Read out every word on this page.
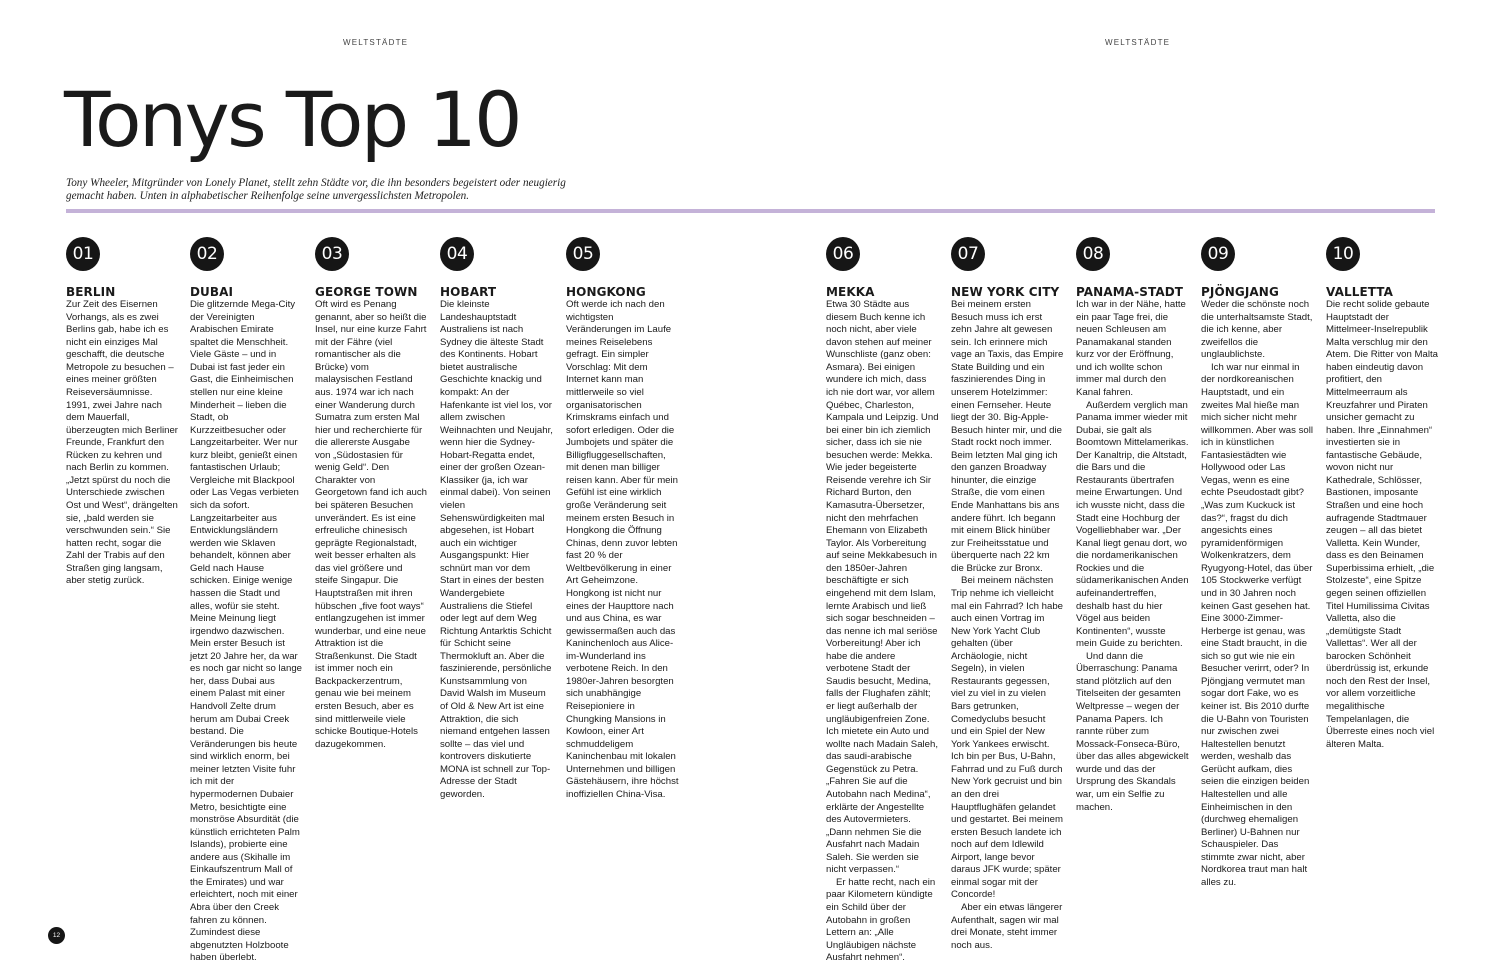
WELTSTÄDTE	WELTSTÄDTE
Tonys Top 10
Tony Wheeler, Mitgründer von Lonely Planet, stellt zehn Städte vor, die ihn besonders begeistert oder neugierig gemacht haben. Unten in alphabetischer Reihenfolge seine unvergesslichsten Metropolen.
01
BERLIN

Zur Zeit des Eisernen Vorhangs, als es zwei Berlins gab, habe ich es nicht ein einziges Mal geschafft, die deutsche Metropole zu besuchen – eines meiner größten Reiseversäumnisse. 1991, zwei Jahre nach dem Mauerfall, überzeugten mich Berliner Freunde, Frankfurt den Rücken zu kehren und nach Berlin zu kommen. „Jetzt spürst du noch die Unterschiede zwischen Ost und West“, drängelten sie, „bald werden sie verschwunden sein.“ Sie hatten recht, sogar die Zahl der Trabis auf den Straßen ging langsam, aber stetig zurück.

02
DUBAI

Die glitzernde Mega-City der Vereinigten Arabischen Emirate spaltet die Menschheit. Viele Gäste – und in Dubai ist fast jeder ein Gast, die Einheimischen stellen nur eine kleine Minderheit – lieben die Stadt, ob Kurzzeitbesucher oder Langzeitarbeiter. Wer nur kurz bleibt, genießt einen fantastischen Urlaub; Vergleiche mit Blackpool oder Las Vegas verbieten sich da sofort. Langzeitarbeiter aus Entwicklungsländern werden wie Sklaven behandelt, können aber Geld nach Hause schicken. Einige wenige hassen die Stadt und alles, wofür sie steht. Meine Meinung liegt irgendwo dazwischen. Mein erster Besuch ist jetzt 20 Jahre her, da war es noch gar nicht so lange her, dass Dubai aus einem Palast mit einer Handvoll Zelte drum herum am Dubai Creek bestand. Die Veränderungen bis heute sind wirklich enorm, bei meiner letzten Visite fuhr ich mit der hypermodernen Dubaier Metro, besichtigte eine monströse Absurdität (die künstlich errichteten Palm Islands), probierte eine andere aus (Skihalle im Einkaufszentrum Mall of the Emirates) und war erleichtert, noch mit einer Abra über den Creek fahren zu können. Zumindest diese abgenutzten Holzboote haben überlebt.

03
GEORGE TOWN

Oft wird es Penang genannt, aber so heißt die Insel, nur eine kurze Fahrt mit der Fähre (viel romantischer als die Brücke) vom malaysischen Festland aus. 1974 war ich nach einer Wanderung durch Sumatra zum ersten Mal hier und recherchierte für die allererste Ausgabe von „Südostasien für wenig Geld“. Den Charakter von Georgetown fand ich auch bei späteren Besuchen unverändert. Es ist eine erfreuliche chinesisch geprägte Regionalstadt, weit besser erhalten als das viel größere und steife Singapur. Die Hauptstraßen mit ihren hübschen „five foot ways“ entlangzugehen ist immer wunderbar, und eine neue Attraktion ist die Straßenkunst. Die Stadt ist immer noch ein Backpackerzentrum, genau wie bei meinem ersten Besuch, aber es sind mittlerweile viele schicke Boutique-Hotels dazugekommen.

04
HOBART

Die kleinste Landeshauptstadt Australiens ist nach Sydney die älteste Stadt des Kontinents. Hobart bietet australische Geschichte knackig und kompakt: An der Hafenkante ist viel los, vor allem zwischen Weihnachten und Neujahr, wenn hier die Sydney-Hobart-Regatta endet, einer der großen Ozean-Klassiker (ja, ich war einmal dabei). Von seinen vielen Sehenswürdigkeiten mal abgesehen, ist Hobart auch ein wichtiger Ausgangspunkt: Hier schnürt man vor dem Start in eines der besten Wandergebiete Australiens die Stiefel oder legt auf dem Weg Richtung Antarktis Schicht für Schicht seine Thermokluft an. Aber die faszinierende, persönliche Kunstsammlung von David Walsh im Museum of Old & New Art ist eine Attraktion, die sich niemand entgehen lassen sollte – das viel und kontrovers diskutierte MONA ist schnell zur Top-Adresse der Stadt geworden.

05
HONGKONG

Oft werde ich nach den wichtigsten Veränderungen im Laufe meines Reiselebens gefragt. Ein simpler Vorschlag: Mit dem Internet kann man mittlerweile so viel organisatorischen Krimskrams einfach und sofort erledigen. Oder die Jumbojets und später die Billigfluggesellschaften, mit denen man billiger reisen kann. Aber für mein Gefühl ist eine wirklich große Veränderung seit meinem ersten Besuch in Hongkong die Öffnung Chinas, denn zuvor lebten fast 20 % der Weltbevölkerung in einer Art Geheimzone. Hongkong ist nicht nur eines der Haupttore nach und aus China, es war gewissermaßen auch das Kaninchenloch aus Alice-im-Wunderland ins verbotene Reich. In den 1980er-Jahren besorgten sich unabhängige Reisepioniere in Chungking Mansions in Kowloon, einer Art schmuddeligem Kaninchenbau mit lokalen Unternehmen und billigen Gästehäusern, ihre höchst inoffiziellen China-Visa.

06
MEKKA

Etwa 30 Städte aus diesem Buch kenne ich noch nicht, aber viele davon stehen auf meiner Wunschliste (ganz oben: Asmara). Bei einigen wundere ich mich, dass ich nie dort war, vor allem Québec, Charleston, Kampala und Leipzig. Und bei einer bin ich ziemlich sicher, dass ich sie nie besuchen werde: Mekka. Wie jeder begeisterte Reisende verehre ich Sir Richard Burton, den Kamasutra-Übersetzer, nicht den mehrfachen Ehemann von Elizabeth Taylor. Als Vorbereitung auf seine Mekkabesuch in den 1850er-Jahren beschäftigte er sich eingehend mit dem Islam, lernte Arabisch und ließ sich sogar beschneiden – das nenne ich mal seriöse Vorbereitung! Aber ich habe die andere verbotene Stadt der Saudis besucht, Medina, falls der Flughafen zählt; er liegt außerhalb der ungläubigenfreien Zone. Ich mietete ein Auto und wollte nach Madain Saleh, das saudi-arabische Gegenstück zu Petra. „Fahren Sie auf die Autobahn nach Medina“, erklärte der Angestellte des Autovermieters. „Dann nehmen Sie die Ausfahrt nach Madain Saleh. Sie werden sie nicht verpassen.“

Er hatte recht, nach ein paar Kilometern kündigte ein Schild über der Autobahn in großen Lettern an: „Alle Ungläubigen nächste Ausfahrt nehmen“.

07
NEW YORK CITY

Bei meinem ersten Besuch muss ich erst zehn Jahre alt gewesen sein. Ich erinnere mich vage an Taxis, das Empire State Building und ein faszinierendes Ding in unserem Hotelzimmer: einen Fernseher. Heute liegt der 30. Big-Apple-Besuch hinter mir, und die Stadt rockt noch immer. Beim letzten Mal ging ich den ganzen Broadway hinunter, die einzige Straße, die vom einen Ende Manhattans bis ans andere führt. Ich begann mit einem Blick hinüber zur Freiheitsstatue und überquerte nach 22 km die Brücke zur Bronx.

Bei meinem nächsten Trip nehme ich vielleicht mal ein Fahrrad? Ich habe auch einen Vortrag im New York Yacht Club gehalten (über Archäologie, nicht Segeln), in vielen Restaurants gegessen, viel zu viel in zu vielen Bars getrunken, Comedyclubs besucht und ein Spiel der New York Yankees erwischt. Ich bin per Bus, U-Bahn, Fahrrad und zu Fuß durch New York gecruist und bin an den drei Hauptflughäfen gelandet und gestartet. Bei meinem ersten Besuch landete ich noch auf dem Idlewild Airport, lange bevor daraus JFK wurde; später einmal sogar mit der Concorde!

Aber ein etwas längerer Aufenthalt, sagen wir mal drei Monate, steht immer noch aus.

08
PANAMA-STADT

Ich war in der Nähe, hatte ein paar Tage frei, die neuen Schleusen am Panamakanal standen kurz vor der Eröffnung, und ich wollte schon immer mal durch den Kanal fahren.

Außerdem verglich man Panama immer wieder mit Dubai, sie galt als Boomtown Mittelamerikas. Der Kanaltrip, die Altstadt, die Bars und die Restaurants übertrafen meine Erwartungen. Und ich wusste nicht, dass die Stadt eine Hochburg der Vogelliebhaber war. „Der Kanal liegt genau dort, wo die nordamerikanischen Rockies und die südamerikanischen Anden aufeinandertreffen, deshalb hast du hier Vögel aus beiden Kontinenten“, wusste mein Guide zu berichten.

Und dann die Überraschung: Panama stand plötzlich auf den Titelseiten der gesamten Weltpresse – wegen der Panama Papers. Ich rannte rüber zum Mossack-Fonseca-Büro, über das alles abgewickelt wurde und das der Ursprung des Skandals war, um ein Selfie zu machen.

09
PJÖNGJANG

Weder die schönste noch die unterhaltsamste Stadt, die ich kenne, aber zweifellos die unglaublichste.

Ich war nur einmal in der nordkoreanischen Hauptstadt, und ein zweites Mal hieße man mich sicher nicht mehr willkommen. Aber was soll ich in künstlichen Fantasiestädten wie Hollywood oder Las Vegas, wenn es eine echte Pseudostadt gibt? „Was zum Kuckuck ist das?“, fragst du dich angesichts eines pyramidenförmigen Wolkenkratzers, dem Ryugyong-Hotel, das über 105 Stockwerke verfügt und in 30 Jahren noch keinen Gast gesehen hat. Eine 3000-Zimmer-Herberge ist genau, was eine Stadt braucht, in die sich so gut wie nie ein Besucher verirrt, oder? In Pjöngjang vermutet man sogar dort Fake, wo es keiner ist. Bis 2010 durfte die U-Bahn von Touristen nur zwischen zwei Haltestellen benutzt werden, weshalb das Gerücht aufkam, dies seien die einzigen beiden Haltestellen und alle Einheimischen in den (durchweg ehemaligen Berliner) U-Bahnen nur Schauspieler. Das stimmte zwar nicht, aber Nordkorea traut man halt alles zu.

10
VALLETTA

Die recht solide gebaute Hauptstadt der Mittelmeer-Inselrepublik Malta verschlug mir den Atem. Die Ritter von Malta haben eindeutig davon profitiert, den Mittelmeerraum als Kreuzfahrer und Piraten unsicher gemacht zu haben. Ihre „Einnahmen“ investierten sie in fantastische Gebäude, wovon nicht nur Kathedrale, Schlösser, Bastionen, imposante Straßen und eine hoch aufragende Stadtmauer zeugen – all das bietet Valletta. Kein Wunder, dass es den Beinamen Superbissima erhielt, „die Stolzeste“, eine Spitze gegen seinen offiziellen Titel Humilissima Civitas Valletta, also die „demütigste Stadt Vallettas“. Wer all der barocken Schönheit überdrüssig ist, erkunde noch den Rest der Insel, vor allem vorzeitliche megalithische Tempelanlagen, die Überreste eines noch viel älteren Malta.

12
